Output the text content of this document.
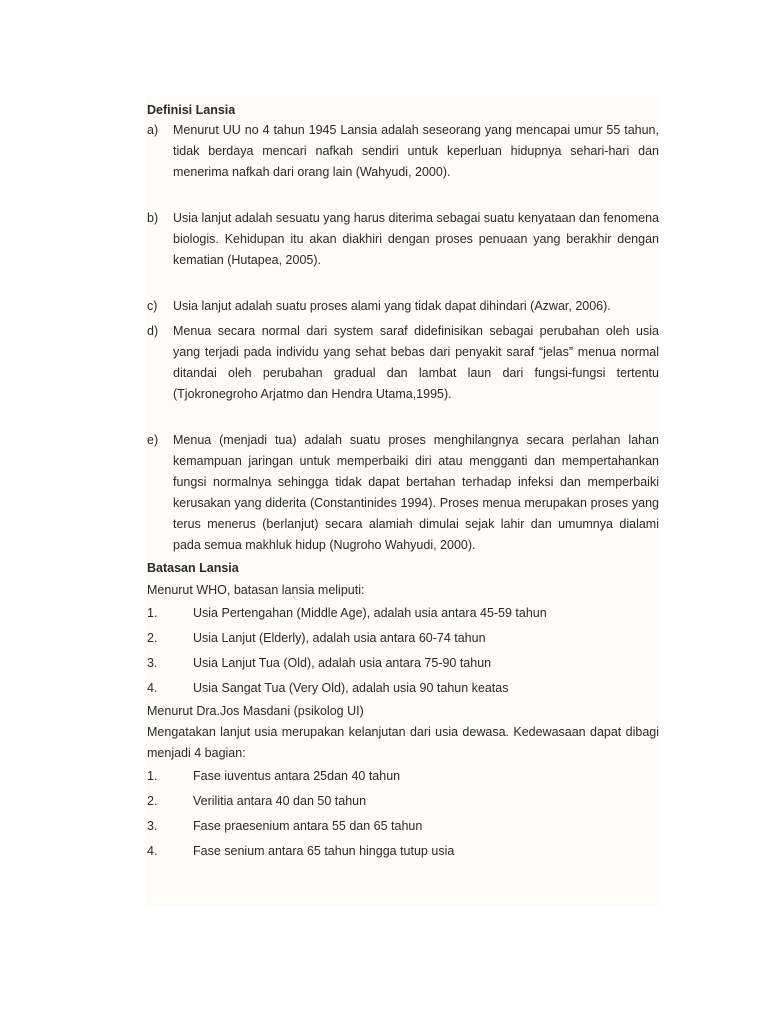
Definisi Lansia
a)	Menurut UU no 4 tahun 1945 Lansia adalah seseorang yang mencapai umur 55 tahun, tidak berdaya mencari nafkah sendiri untuk keperluan hidupnya sehari-hari dan menerima nafkah dari orang lain (Wahyudi, 2000).
b)	Usia lanjut adalah sesuatu yang harus diterima sebagai suatu kenyataan dan fenomena biologis. Kehidupan itu akan diakhiri dengan proses penuaan yang berakhir dengan kematian (Hutapea, 2005).
c)	Usia lanjut adalah suatu proses alami yang tidak dapat dihindari (Azwar, 2006).
d)	Menua secara normal dari system saraf didefinisikan sebagai perubahan oleh usia yang terjadi pada individu yang sehat bebas dari penyakit saraf “jelas” menua normal ditandai oleh perubahan gradual dan lambat laun dari fungsi-fungsi tertentu (Tjokronegroho Arjatmo dan Hendra Utama,1995).
e)	Menua (menjadi tua) adalah suatu proses menghilangnya secara perlahan lahan kemampuan jaringan untuk memperbaiki diri atau mengganti dan mempertahankan fungsi normalnya sehingga tidak dapat bertahan terhadap infeksi dan memperbaiki kerusakan yang diderita (Constantinides 1994). Proses menua merupakan proses yang terus menerus (berlanjut) secara alamiah dimulai sejak lahir dan umumnya dialami pada semua makhluk hidup (Nugroho Wahyudi, 2000).
Batasan Lansia
Menurut WHO, batasan lansia meliputi:
1.	Usia Pertengahan (Middle Age), adalah usia antara 45-59 tahun
2.	Usia Lanjut (Elderly), adalah usia antara 60-74 tahun
3.	Usia Lanjut Tua (Old), adalah usia antara 75-90 tahun
4.	Usia Sangat Tua (Very Old), adalah usia 90 tahun keatas
Menurut Dra.Jos Masdani (psikolog UI)
Mengatakan lanjut usia merupakan kelanjutan dari usia dewasa. Kedewasaan dapat dibagi menjadi 4 bagian:
1.	Fase iuventus antara 25dan 40 tahun
2.	Verilitia antara 40 dan 50 tahun
3.	Fase praesenium antara 55 dan 65 tahun
4.	Fase senium antara 65 tahun hingga tutup usia
